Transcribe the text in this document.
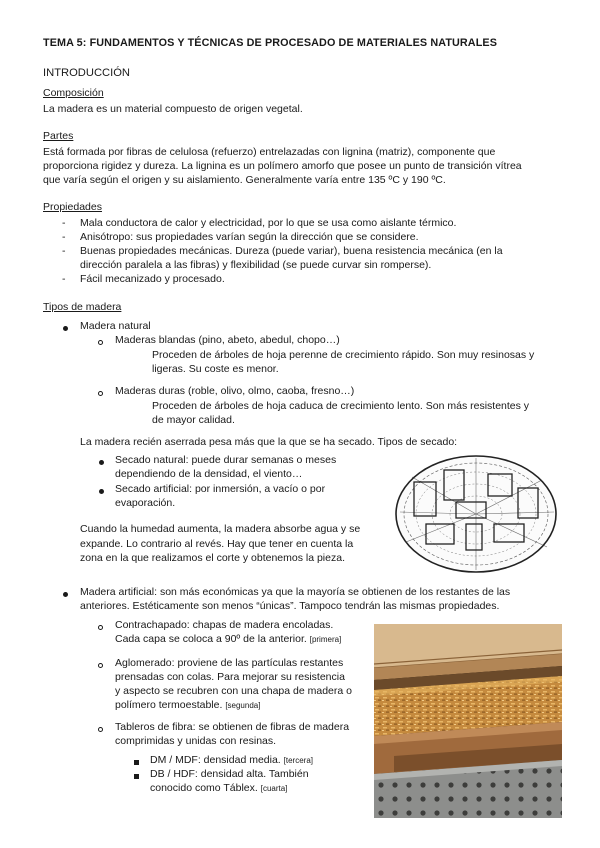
TEMA 5: FUNDAMENTOS Y TÉCNICAS DE PROCESADO DE MATERIALES NATURALES
INTRODUCCIÓN
Composición
La madera es un material compuesto de origen vegetal.
Partes
Está formada por fibras de celulosa (refuerzo) entrelazadas con lignina (matriz), componente que
proporciona rigidez y dureza. La lignina es un polímero amorfo que posee un punto de transición vítrea
que varía según el origen y su aislamiento. Generalmente varía entre 135 ºC y 190 ºC.
Propiedades
- Mala conductora de calor y electricidad, por lo que se usa como aislante térmico.
- Anisótropo: sus propiedades varían según la dirección que se considere.
- Buenas propiedades mecánicas. Dureza (puede variar), buena resistencia mecánica (en la
dirección paralela a las fibras) y flexibilidad (se puede curvar sin romperse).
- Fácil mecanizado y procesado.
Tipos de madera
Madera natural
Maderas blandas (pino, abeto, abedul, chopo…)
Proceden de árboles de hoja perenne de crecimiento rápido. Son muy resinosas y
ligeras. Su coste es menor.
Maderas duras (roble, olivo, olmo, caoba, fresno…)
Proceden de árboles de hoja caduca de crecimiento lento. Son más resistentes y
de mayor calidad.
La madera recién aserrada pesa más que la que se ha secado. Tipos de secado:
Secado natural: puede durar semanas o meses
dependiendo de la densidad, el viento…
Secado artificial: por inmersión, a vacío o por
evaporación.
Cuando la humedad aumenta, la madera absorbe agua y se
expande. Lo contrario al revés. Hay que tener en cuenta la
zona en la que realizamos el corte y obtenemos la pieza.
Madera artificial: son más económicas ya que la mayoría se obtienen de los restantes de las
anteriores. Estéticamente son menos “únicas”. Tampoco tendrán las mismas propiedades.
Contrachapado: chapas de madera encoladas.
Cada capa se coloca a 90º de la anterior. [primera]
Aglomerado: proviene de las partículas restantes
prensadas con colas. Para mejorar su resistencia
y aspecto se recubren con una chapa de madera o
polímero termoestable. [segunda]
Tableros de fibra: se obtienen de fibras de madera
comprimidas y unidas con resinas.
DM / MDF: densidad media. [tercera]
DB / HDF: densidad alta. También
conocido como Táblex. [cuarta]
